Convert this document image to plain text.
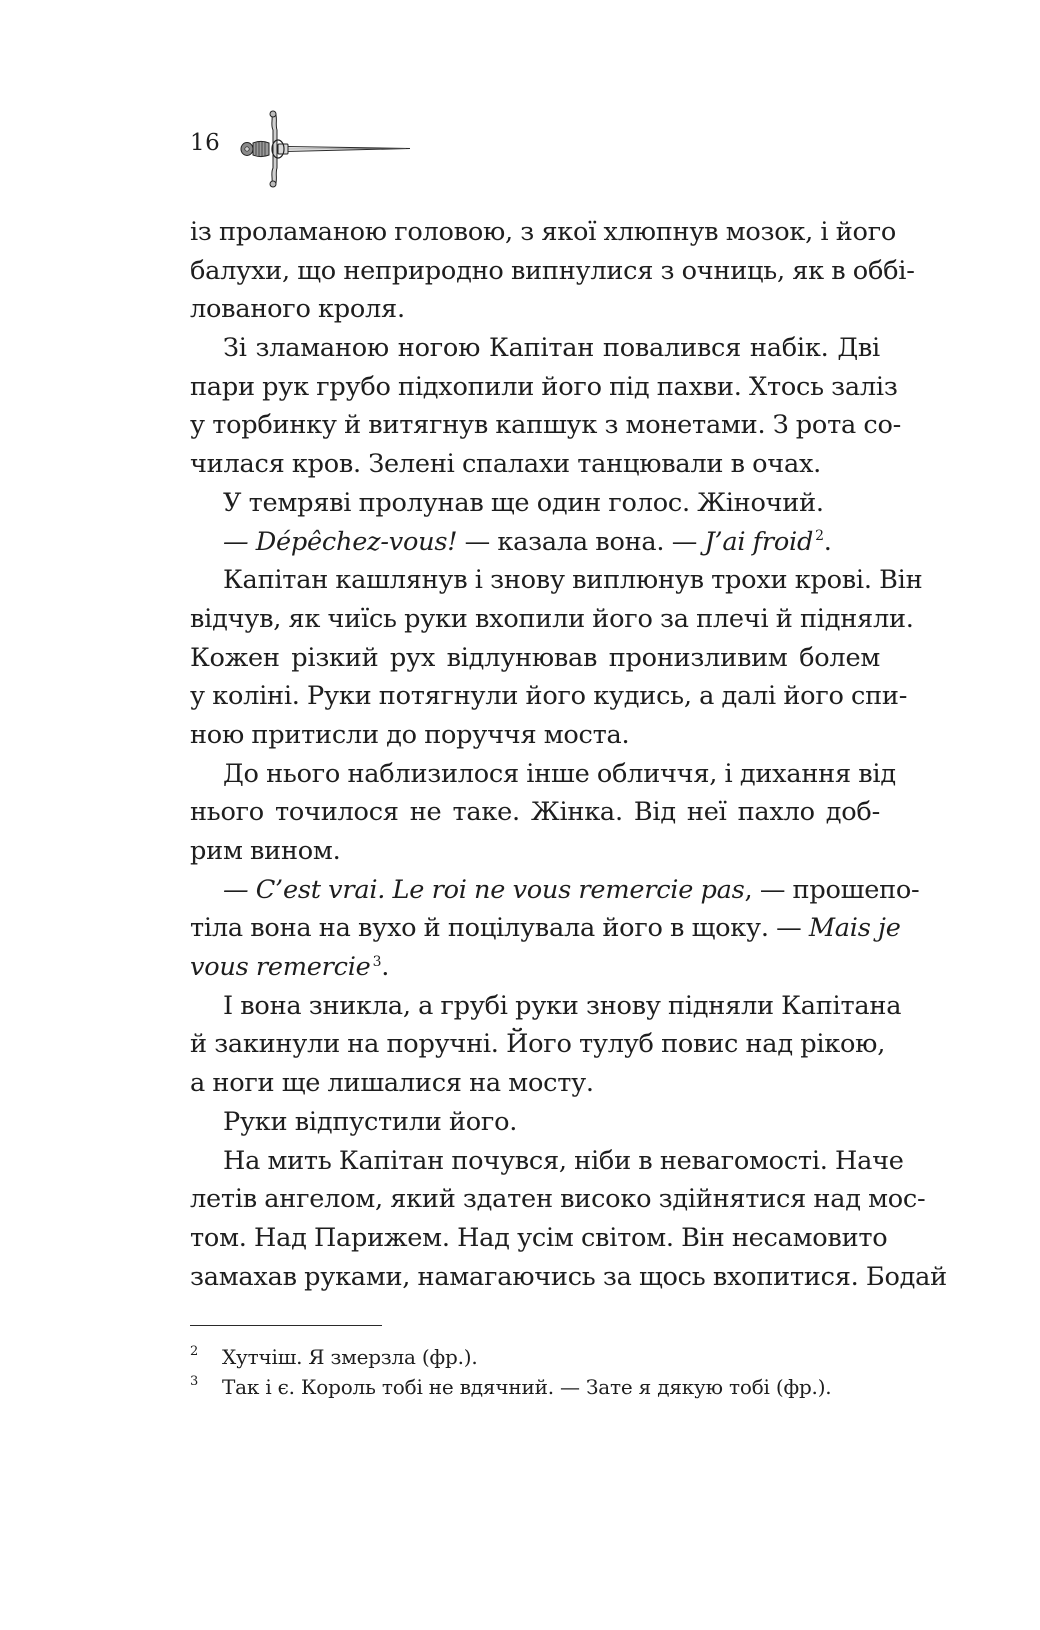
16
із проламаною головою, з якої хлюпнув мозок, і його
балухи, що неприродно випнулися з очниць, як в оббі-
лованого кроля.
Зі зламаною ногою Капітан повалився набік. Дві
пари рук грубо підхопили його під пахви. Хтось заліз
у торбинку й витягнув капшук з монетами. З рота со-
чилася кров. Зелені спалахи танцювали в очах.
У темряві пролунав ще один голос. Жіночий.
— Dépêchez-vous! — казала вона. — J’ai froid $^2$.
Капітан кашлянув і знову виплюнув трохи крові. Він
відчув, як чиїсь руки вхопили його за плечі й підняли.
Кожен різкий рух відлунював пронизливим болем
у коліні. Руки потягнули його кудись, а далі його спи-
ною притисли до поруччя моста.
До нього наблизилося інше обличчя, і дихання від
нього точилося не таке. Жінка. Від неї пахло доб-
рим вином.
— C’est vrai. Le roi ne vous remercie pas, — прошепо-
тіла вона на вухо й поцілувала його в щоку. — Mais je
vous remercie $^3$.
І вона зникла, а грубі руки знову підняли Капітана
й закинули на поручні. Його тулуб повис над рікою,
а ноги ще лишалися на мосту.
Руки відпустили його.
На мить Капітан почувся, ніби в невагомості. Наче
летів ангелом, який здатен високо здійнятися над мос-
том. Над Парижем. Над усім світом. Він несамовито
замахав руками, намагаючись за щось вхопитися. Бодай
2 Хутчіш. Я змерзла (фр.).
3 Так і є. Король тобі не вдячний. — Зате я дякую тобі (фр.).
